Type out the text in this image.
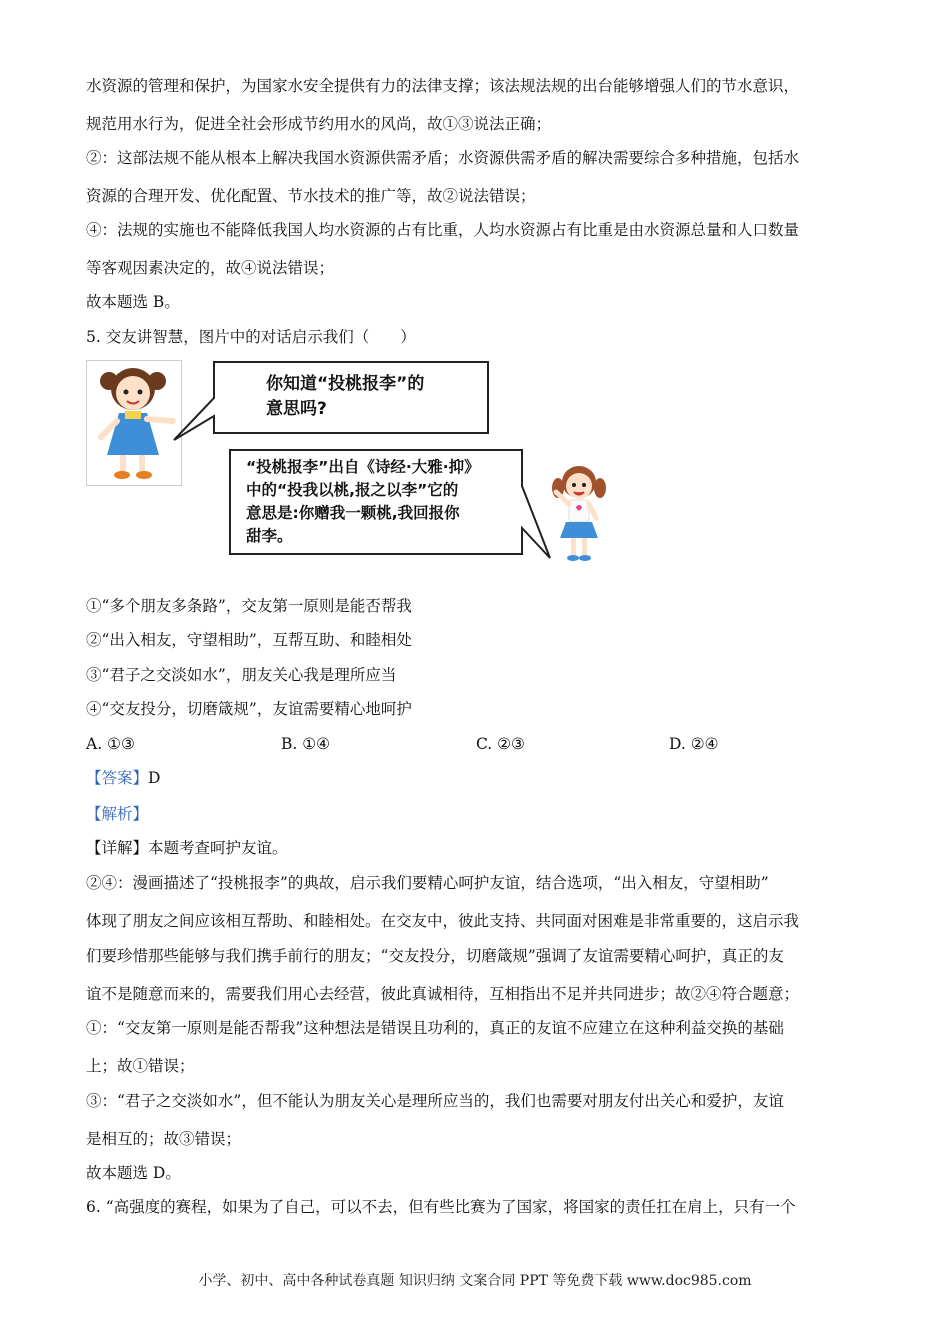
水资源的管理和保护，为国家水安全提供有力的法律支撑；该法规法规的出台能够增强人们的节水意识，
规范用水行为，促进全社会形成节约用水的风尚，故①③说法正确；
②：这部法规不能从根本上解决我国水资源供需矛盾；水资源供需矛盾的解决需要综合多种措施，包括水
资源的合理开发、优化配置、节水技术的推广等，故②说法错误；
④：法规的实施也不能降低我国人均水资源的占有比重，人均水资源占有比重是由水资源总量和人口数量
等客观因素决定的，故④说法错误；
故本题选 B。
5. 交友讲智慧，图片中的对话启示我们（　　）
你知道“投桃报李”的
意思吗?
“投桃报李”出自《诗经·大雅·抑》
中的“投我以桃,报之以李”它的
意思是:你赠我一颗桃,我回报你
甜李。
①“多个朋友多条路”，交友第一原则是能否帮我
②“出入相友，守望相助”，互帮互助、和睦相处
③“君子之交淡如水”，朋友关心我是理所应当
④“交友投分，切磨箴规”，友谊需要精心地呵护
A. ①③	B. ①④	C. ②③	D. ②④
【答案】D
【解析】
【详解】本题考查呵护友谊。
②④：漫画描述了“投桃报李”的典故，启示我们要精心呵护友谊，结合选项，“出入相友，守望相助”
体现了朋友之间应该相互帮助、和睦相处。在交友中，彼此支持、共同面对困难是非常重要的，这启示我
们要珍惜那些能够与我们携手前行的朋友；“交友投分，切磨箴规”强调了友谊需要精心呵护，真正的友
谊不是随意而来的，需要我们用心去经营，彼此真诚相待，互相指出不足并共同进步；故②④符合题意；
①：“交友第一原则是能否帮我”这种想法是错误且功利的，真正的友谊不应建立在这种利益交换的基础
上；故①错误；
③：“君子之交淡如水”，但不能认为朋友关心是理所应当的，我们也需要对朋友付出关心和爱护，友谊
是相互的；故③错误；
故本题选 D。
6. “高强度的赛程，如果为了自己，可以不去，但有些比赛为了国家，将国家的责任扛在肩上，只有一个
小学、初中、高中各种试卷真题 知识归纳 文案合同 PPT 等免费下载 www.doc985.com
